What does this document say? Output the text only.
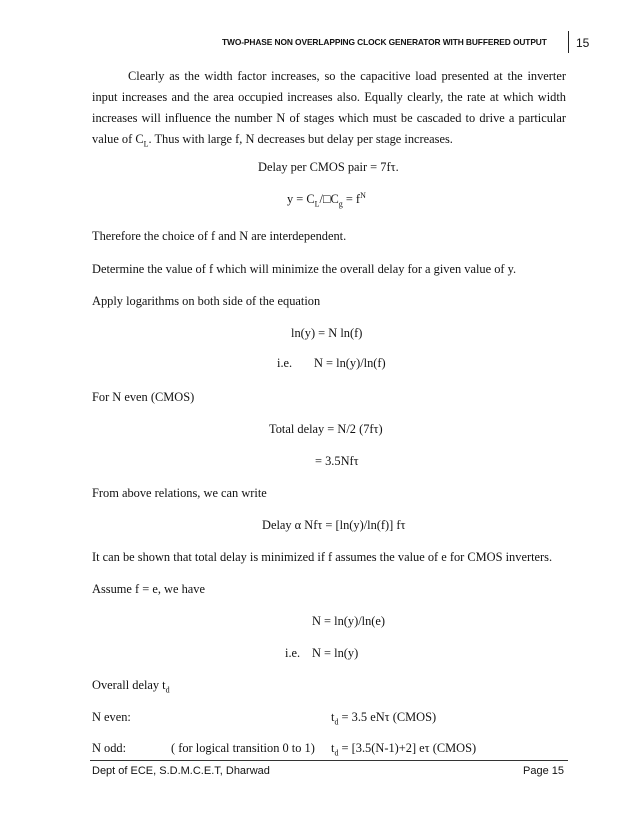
TWO-PHASE NON OVERLAPPING CLOCK GENERATOR WITH BUFFERED OUTPUT 15
Clearly as the width factor increases, so the capacitive load presented at the inverter input increases and the area occupied increases also. Equally clearly, the rate at which width increases will influence the number N of stages which must be cascaded to drive a particular value of $C_L$. Thus with large f, N decreases but delay per stage increases.
Delay per CMOS pair = 7fτ.
$y = C_L/□C_g = f^N$
Therefore the choice of f and N are interdependent.
Determine the value of f which will minimize the overall delay for a given value of y.
Apply logarithms on both side of the equation
ln(y) = N ln(f)
i.e. N = ln(y)/ln(f)
For N even (CMOS)
Total delay = N/2 (7fτ)
= 3.5Nfτ
From above relations, we can write
Delay α Nfτ = [ln(y)/ln(f)] fτ
It can be shown that total delay is minimized if f assumes the value of e for CMOS inverters.
Assume f = e, we have
N = ln(y)/ln(e)
i.e. N = ln(y)
Overall delay $t_d$
N even:	$t_d = 3.5$ eNτ (CMOS)
N odd:	( for logical transition 0 to 1) $t_d = [3.5(N-1)+2]$ eτ (CMOS)
Dept of ECE, S.D.M.C.E.T, Dharwad	Page 15
